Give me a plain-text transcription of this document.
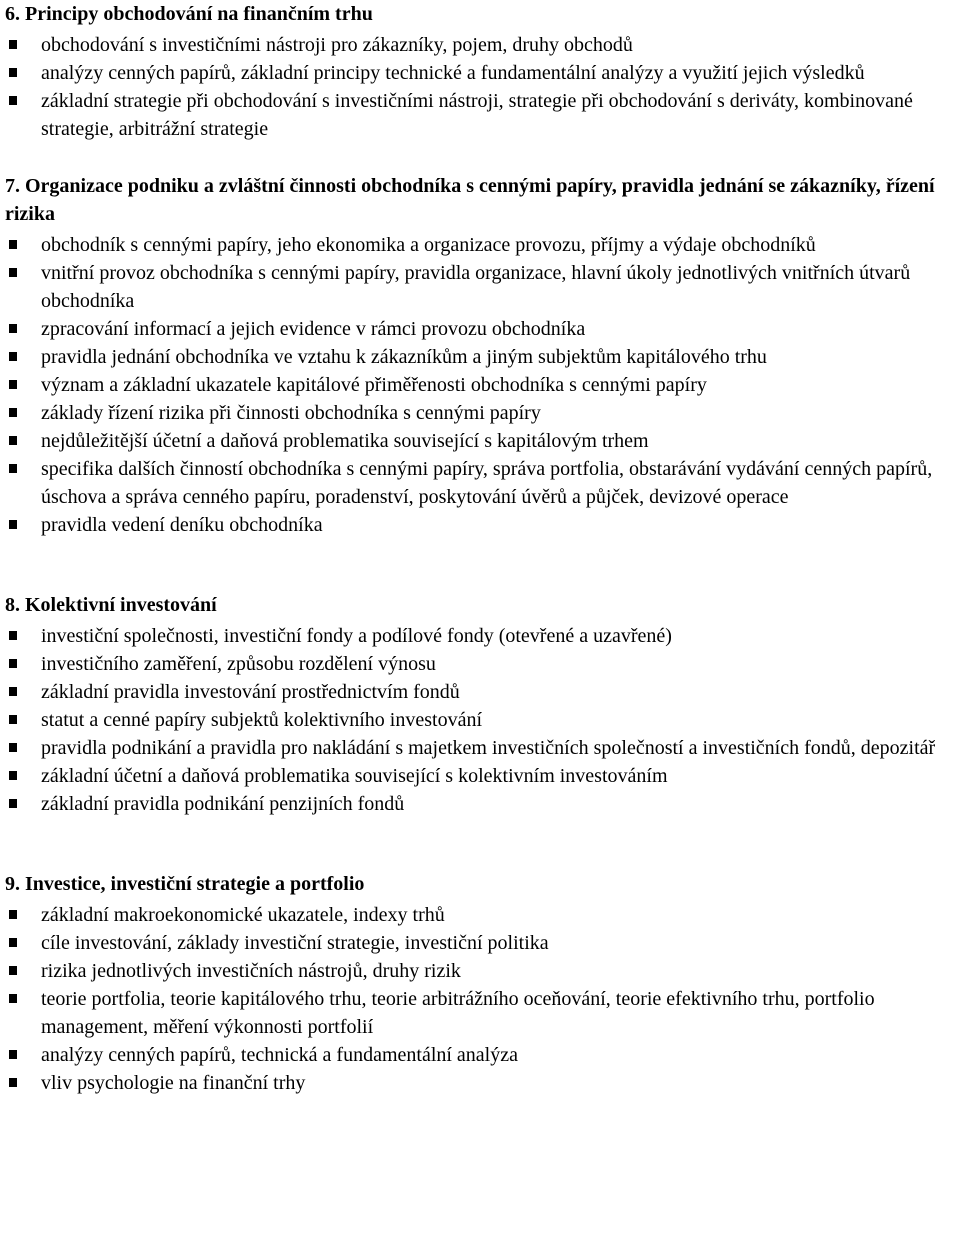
6. Principy obchodování na finančním trhu
obchodování s investičními nástroji pro zákazníky, pojem, druhy obchodů
analýzy cenných papírů, základní principy technické a fundamentální analýzy a využití jejich výsledků
základní strategie při obchodování s investičními nástroji, strategie při obchodování s deriváty, kombinované strategie, arbitrážní strategie
7. Organizace podniku a zvláštní činnosti obchodníka s cennými papíry, pravidla jednání se zákazníky, řízení rizika
obchodník s cennými papíry, jeho ekonomika a organizace provozu, příjmy a výdaje obchodníků
vnitřní provoz obchodníka s cennými papíry, pravidla organizace, hlavní úkoly jednotlivých vnitřních útvarů obchodníka
zpracování informací a jejich evidence v rámci provozu obchodníka
pravidla jednání obchodníka ve vztahu k zákazníkům a jiným subjektům kapitálového trhu
význam a základní ukazatele kapitálové přiměřenosti obchodníka s cennými papíry
základy řízení rizika při činnosti obchodníka s cennými papíry
nejdůležitější účetní a daňová problematika související s kapitálovým trhem
specifika dalších činností obchodníka s cennými papíry, správa portfolia, obstarávání vydávání cenných papírů, úschova a správa cenného papíru, poradenství, poskytování úvěrů a půjček, devizové operace
pravidla vedení deníku obchodníka
8. Kolektivní investování
investiční společnosti, investiční fondy a podílové fondy (otevřené a uzavřené)
investičního zaměření, způsobu rozdělení výnosu
základní pravidla investování prostřednictvím fondů
statut a cenné papíry subjektů kolektivního investování
pravidla podnikání a pravidla pro nakládání s majetkem investičních společností a investičních fondů, depozitář
základní účetní a daňová problematika související s kolektivním investováním
základní pravidla podnikání penzijních fondů
9. Investice, investiční strategie a portfolio
základní makroekonomické ukazatele, indexy trhů
cíle investování, základy investiční strategie, investiční politika
rizika jednotlivých investičních nástrojů, druhy rizik
teorie portfolia, teorie kapitálového trhu, teorie arbitrážního oceňování, teorie efektivního trhu, portfolio management, měření výkonnosti portfolií
analýzy cenných papírů, technická a fundamentální analýza
vliv psychologie na finanční trhy
